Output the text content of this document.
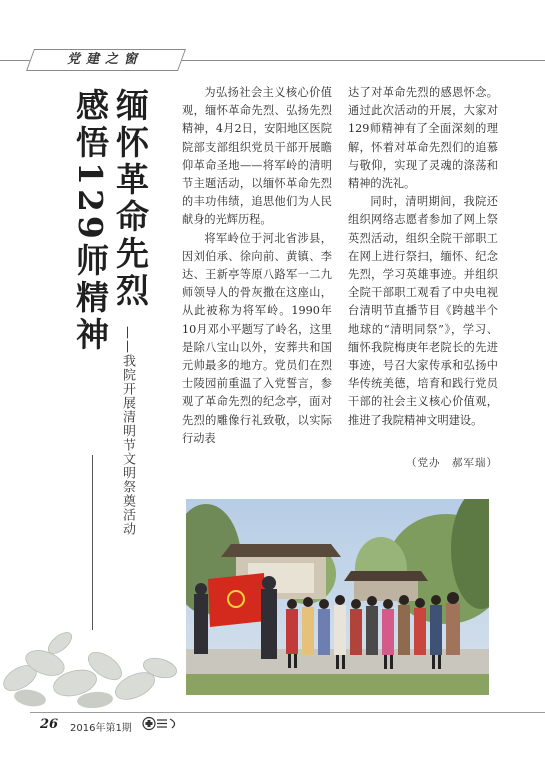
党建之窗
缅怀革命先烈
感悟129师精神
——我院开展清明节文明祭奠活动

为弘扬社会主义核心价值观，缅怀革命先烈、弘扬先烈精神，4月2日，安阳地区医院院部支部组织党员干部开展瞻仰革命圣地——将军岭的清明节主题活动，以缅怀革命先烈的丰功伟绩，追思他们为人民献身的光辉历程。

将军岭位于河北省涉县，因刘伯承、徐向前、黄镇、李达、王新亭等原八路军一二九师领导人的骨灰撒在这座山，从此被称为将军岭。1990年10月邓小平题写了岭名，这里是除八宝山以外，安葬共和国元帅最多的地方。党员们在烈士陵园前重温了入党誓言，参观了革命先烈的纪念亭，面对先烈的雕像行礼致敬，以实际行动表

达了对革命先烈的感恩怀念。通过此次活动的开展，大家对129师精神有了全面深刻的理解，怀着对革命先烈们的追慕与敬仰，实现了灵魂的涤荡和精神的洗礼。

同时，清明期间，我院还组织网络志愿者参加了网上祭英烈活动，组织全院干部职工在网上进行祭扫，缅怀、纪念先烈，学习英雄事迹。并组织全院干部职工观看了中央电视台清明节直播节目《跨越半个地球的“清明同祭”》，学习、缅怀我院梅庚年老院长的先进事迹，号召大家传承和弘扬中华传统美德，培育和践行党员干部的社会主义核心价值观，推进了我院精神文明建设。

（党办　郝军瑞）
26 2016年第1期
